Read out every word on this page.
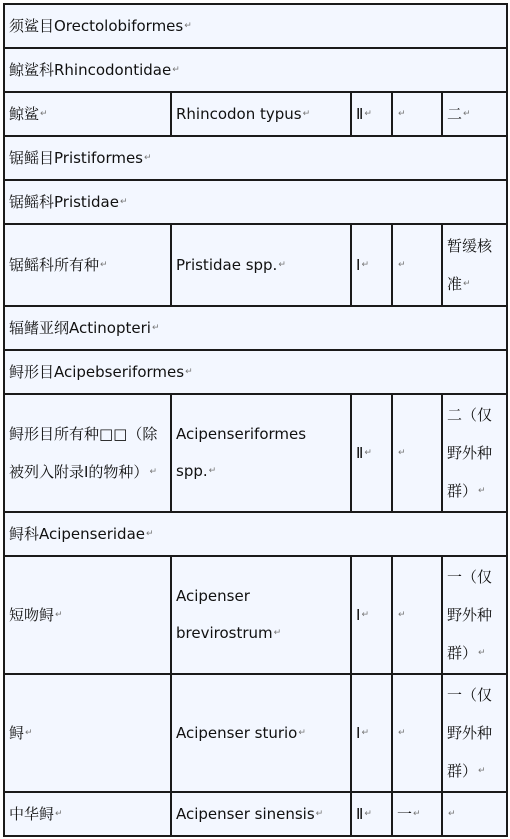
须鲨目Orectolobiformes↵				
鲸鲨科Rhincodontidae↵				
鲸鲨↵	Rhincodon typus↵	Ⅱ↵	↵	二↵
锯鳐目Pristiformes↵				
锯鳐科Pristidae↵				
锯鳐科所有种↵	Pristidae spp.↵	Ⅰ↵	↵	暂缓核准↵
辐鳍亚纲Actinopteri↵				
鲟形目Acipebseriformes↵				
鲟形目所有种□□（除被列入附录Ⅰ的物种）↵	Acipenseriformes spp.↵	Ⅱ↵	↵	二（仅野外种群）↵
鲟科Acipenseridae↵				
短吻鲟↵	Acipenser brevirostrum↵	Ⅰ↵	↵	一（仅野外种群）↵
鲟↵	Acipenser sturio↵	Ⅰ↵	↵	一（仅野外种群）↵
中华鲟↵	Acipenser sinensis↵	Ⅱ↵	一↵	↵
